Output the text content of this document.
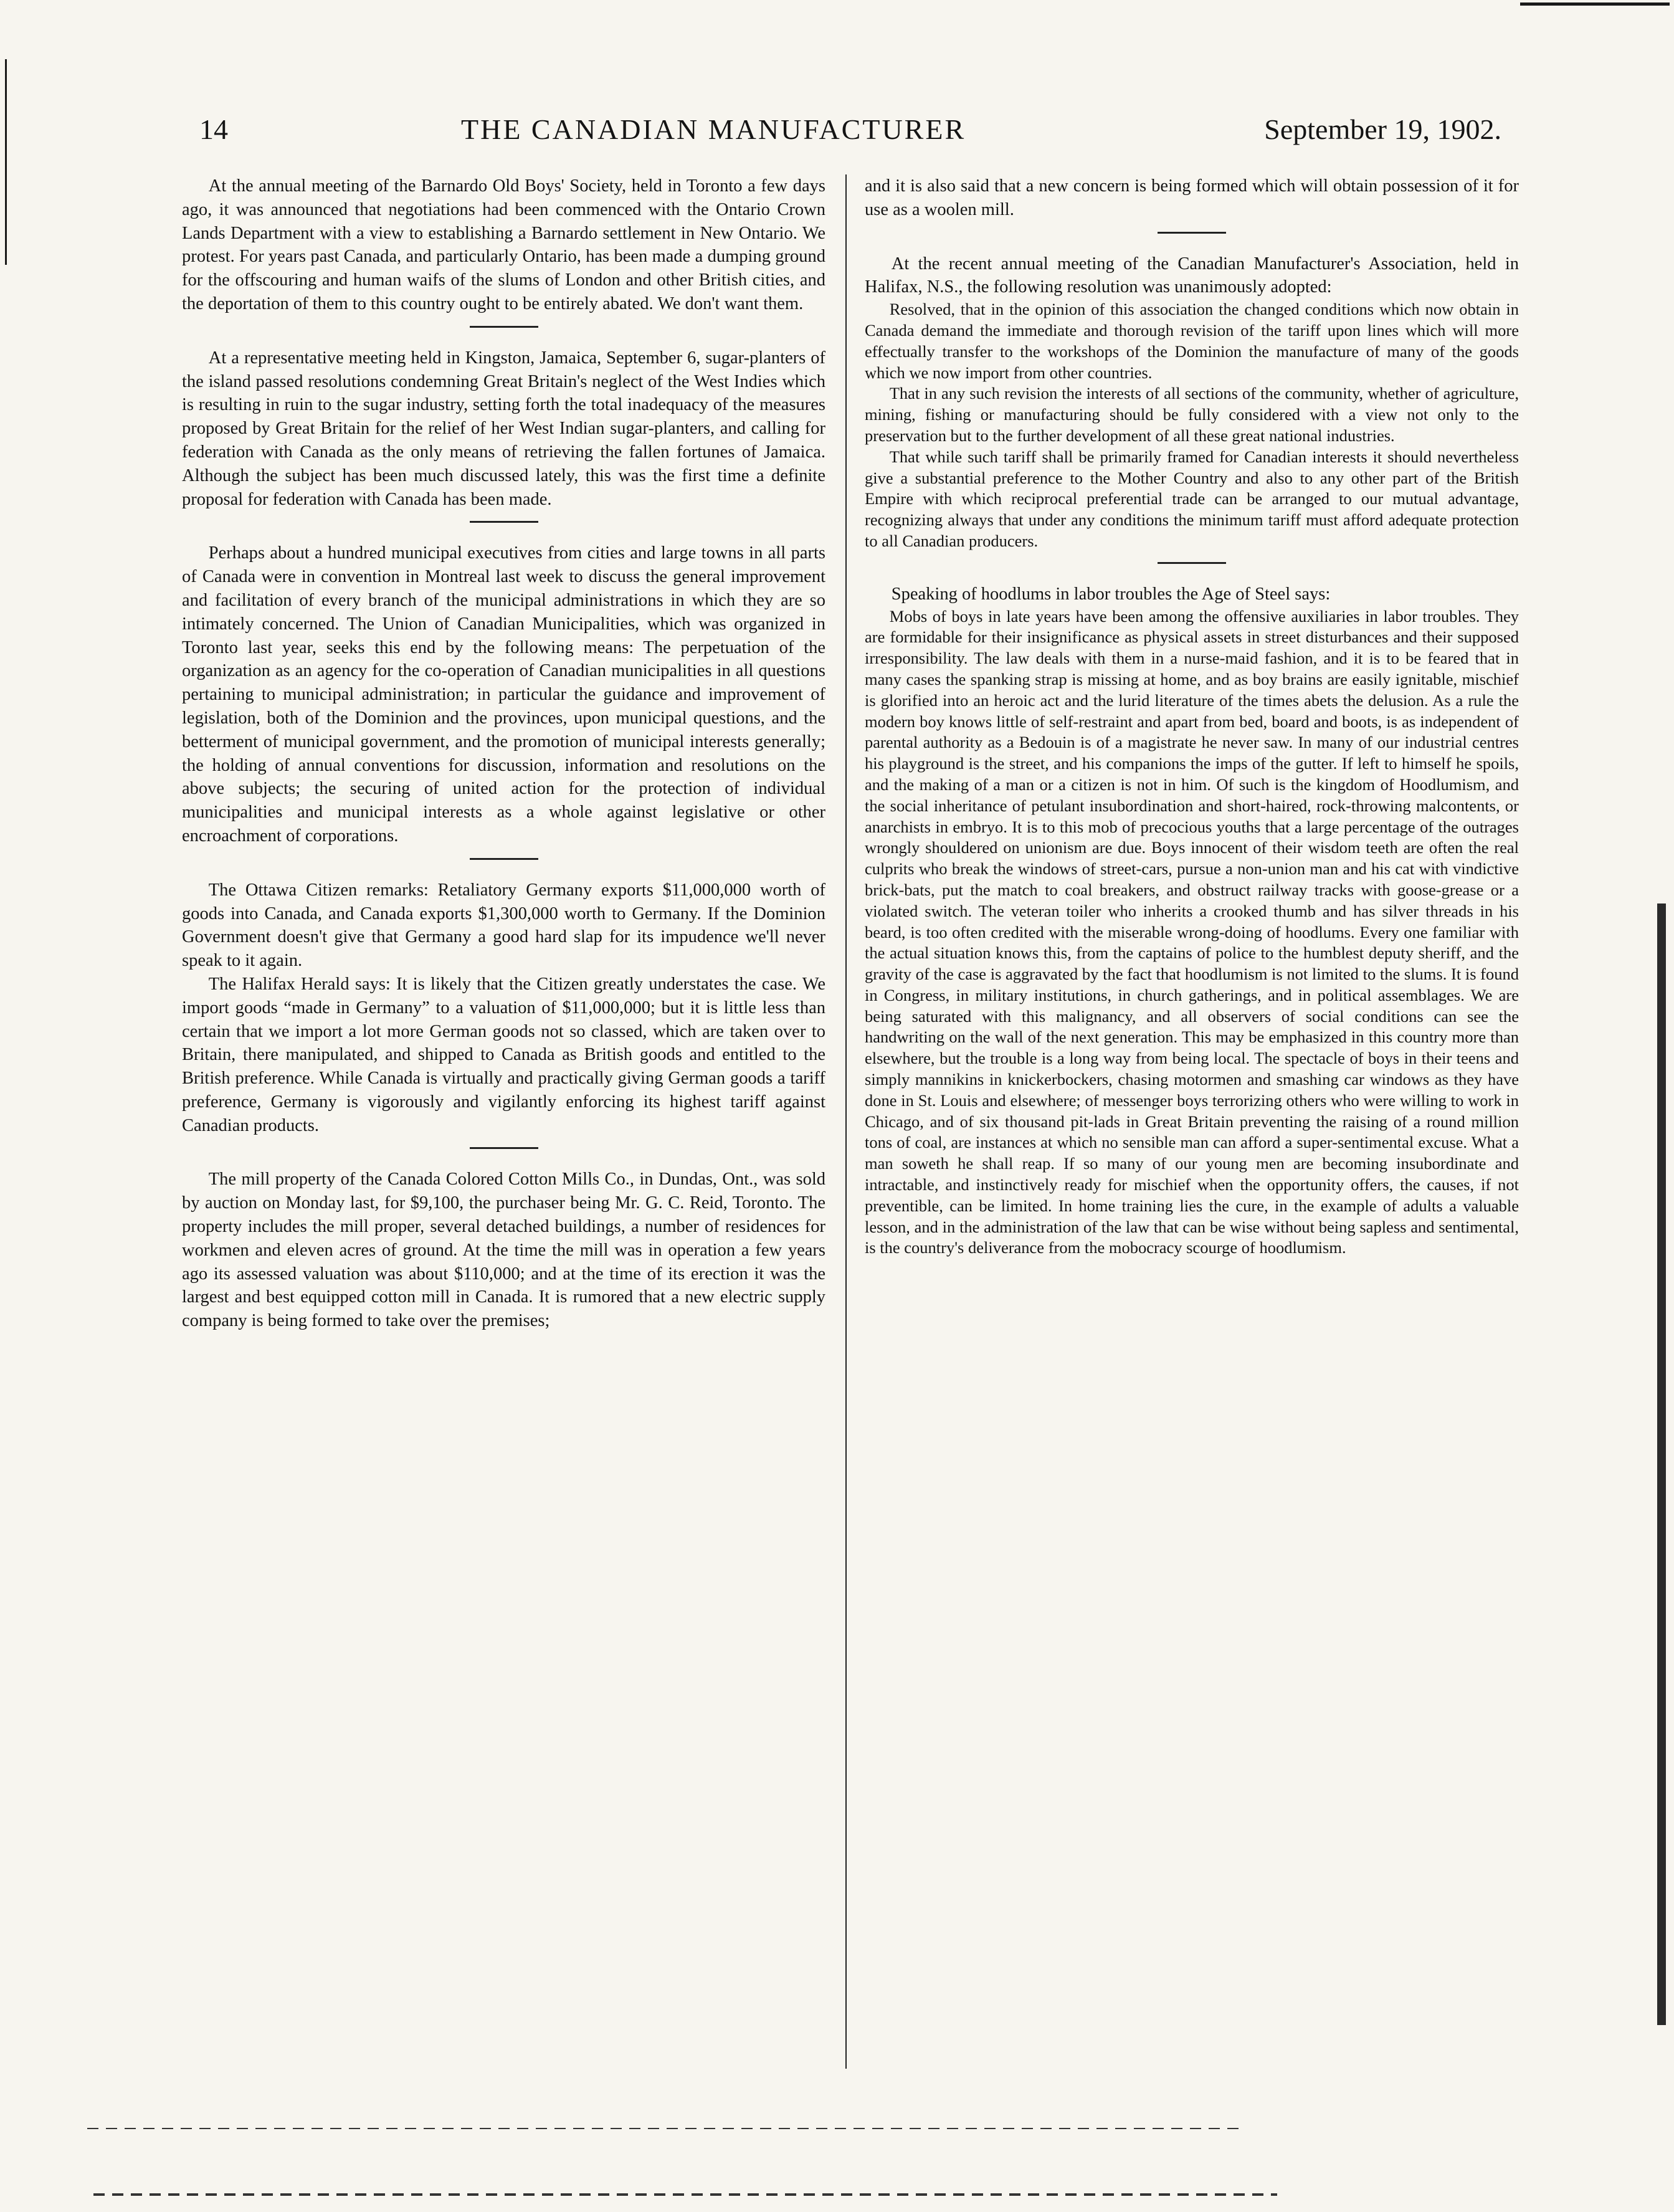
14	THE CANADIAN MANUFACTURER	September 19, 1902.

At the annual meeting of the Barnardo Old Boys' Society, held in Toronto a few days ago, it was announced that negotiations had been commenced with the Ontario Crown Lands Department with a view to establishing a Barnardo settlement in New Ontario. We protest. For years past Canada, and particularly Ontario, has been made a dumping ground for the offscouring and human waifs of the slums of London and other British cities, and the deportation of them to this country ought to be entirely abated. We don't want them.

At a representative meeting held in Kingston, Jamaica, September 6, sugar-planters of the island passed resolutions condemning Great Britain's neglect of the West Indies which is resulting in ruin to the sugar industry, setting forth the total inadequacy of the measures proposed by Great Britain for the relief of her West Indian sugar-planters, and calling for federation with Canada as the only means of retrieving the fallen fortunes of Jamaica. Although the subject has been much discussed lately, this was the first time a definite proposal for federation with Canada has been made.

Perhaps about a hundred municipal executives from cities and large towns in all parts of Canada were in convention in Montreal last week to discuss the general improvement and facilitation of every branch of the municipal administrations in which they are so intimately concerned. The Union of Canadian Municipalities, which was organized in Toronto last year, seeks this end by the following means: The perpetuation of the organization as an agency for the co-operation of Canadian municipalities in all questions pertaining to municipal administration; in particular the guidance and improvement of legislation, both of the Dominion and the provinces, upon municipal questions, and the betterment of municipal government, and the promotion of municipal interests generally; the holding of annual conventions for discussion, information and resolutions on the above subjects; the securing of united action for the protection of individual municipalities and municipal interests as a whole against legislative or other encroachment of corporations.

The Ottawa Citizen remarks: Retaliatory Germany exports $11,000,000 worth of goods into Canada, and Canada exports $1,300,000 worth to Germany. If the Dominion Government doesn't give that Germany a good hard slap for its impudence we'll never speak to it again.

The Halifax Herald says: It is likely that the Citizen greatly understates the case. We import goods “made in Germany” to a valuation of $11,000,000; but it is little less than certain that we import a lot more German goods not so classed, which are taken over to Britain, there manipulated, and shipped to Canada as British goods and entitled to the British preference. While Canada is virtually and practically giving German goods a tariff preference, Germany is vigorously and vigilantly enforcing its highest tariff against Canadian products.

The mill property of the Canada Colored Cotton Mills Co., in Dundas, Ont., was sold by auction on Monday last, for $9,100, the purchaser being Mr. G. C. Reid, Toronto. The property includes the mill proper, several detached buildings, a number of residences for workmen and eleven acres of ground. At the time the mill was in operation a few years ago its assessed valuation was about $110,000; and at the time of its erection it was the largest and best equipped cotton mill in Canada. It is rumored that a new electric supply company is being formed to take over the premises;

and it is also said that a new concern is being formed which will obtain possession of it for use as a woolen mill.

At the recent annual meeting of the Canadian Manufacturer's Association, held in Halifax, N.S., the following resolution was unanimously adopted:

Resolved, that in the opinion of this association the changed conditions which now obtain in Canada demand the immediate and thorough revision of the tariff upon lines which will more effectually transfer to the workshops of the Dominion the manufacture of many of the goods which we now import from other countries.

That in any such revision the interests of all sections of the community, whether of agriculture, mining, fishing or manufacturing should be fully considered with a view not only to the preservation but to the further development of all these great national industries.

That while such tariff shall be primarily framed for Canadian interests it should nevertheless give a substantial preference to the Mother Country and also to any other part of the British Empire with which reciprocal preferential trade can be arranged to our mutual advantage, recognizing always that under any conditions the minimum tariff must afford adequate protection to all Canadian producers.

Speaking of hoodlums in labor troubles the Age of Steel says:

Mobs of boys in late years have been among the offensive auxiliaries in labor troubles. They are formidable for their insignificance as physical assets in street disturbances and their supposed irresponsibility. The law deals with them in a nurse-maid fashion, and it is to be feared that in many cases the spanking strap is missing at home, and as boy brains are easily ignitable, mischief is glorified into an heroic act and the lurid literature of the times abets the delusion. As a rule the modern boy knows little of self-restraint and apart from bed, board and boots, is as independent of parental authority as a Bedouin is of a magistrate he never saw. In many of our industrial centres his playground is the street, and his companions the imps of the gutter. If left to himself he spoils, and the making of a man or a citizen is not in him. Of such is the kingdom of Hoodlumism, and the social inheritance of petulant insubordination and short-haired, rock-throwing malcontents, or anarchists in embryo. It is to this mob of precocious youths that a large percentage of the outrages wrongly shouldered on unionism are due. Boys innocent of their wisdom teeth are often the real culprits who break the windows of street-cars, pursue a non-union man and his cat with vindictive brick-bats, put the match to coal breakers, and obstruct railway tracks with goose-grease or a violated switch. The veteran toiler who inherits a crooked thumb and has silver threads in his beard, is too often credited with the miserable wrong-doing of hoodlums. Every one familiar with the actual situation knows this, from the captains of police to the humblest deputy sheriff, and the gravity of the case is aggravated by the fact that hoodlumism is not limited to the slums. It is found in Congress, in military institutions, in church gatherings, and in political assemblages. We are being saturated with this malignancy, and all observers of social conditions can see the handwriting on the wall of the next generation. This may be emphasized in this country more than elsewhere, but the trouble is a long way from being local. The spectacle of boys in their teens and simply mannikins in knickerbockers, chasing motormen and smashing car windows as they have done in St. Louis and elsewhere; of messenger boys terrorizing others who were willing to work in Chicago, and of six thousand pit-lads in Great Britain preventing the raising of a round million tons of coal, are instances at which no sensible man can afford a super-sentimental excuse. What a man soweth he shall reap. If so many of our young men are becoming insubordinate and intractable, and instinctively ready for mischief when the opportunity offers, the causes, if not preventible, can be limited. In home training lies the cure, in the example of adults a valuable lesson, and in the administration of the law that can be wise without being sapless and sentimental, is the country's deliverance from the mobocracy scourge of hoodlumism.
